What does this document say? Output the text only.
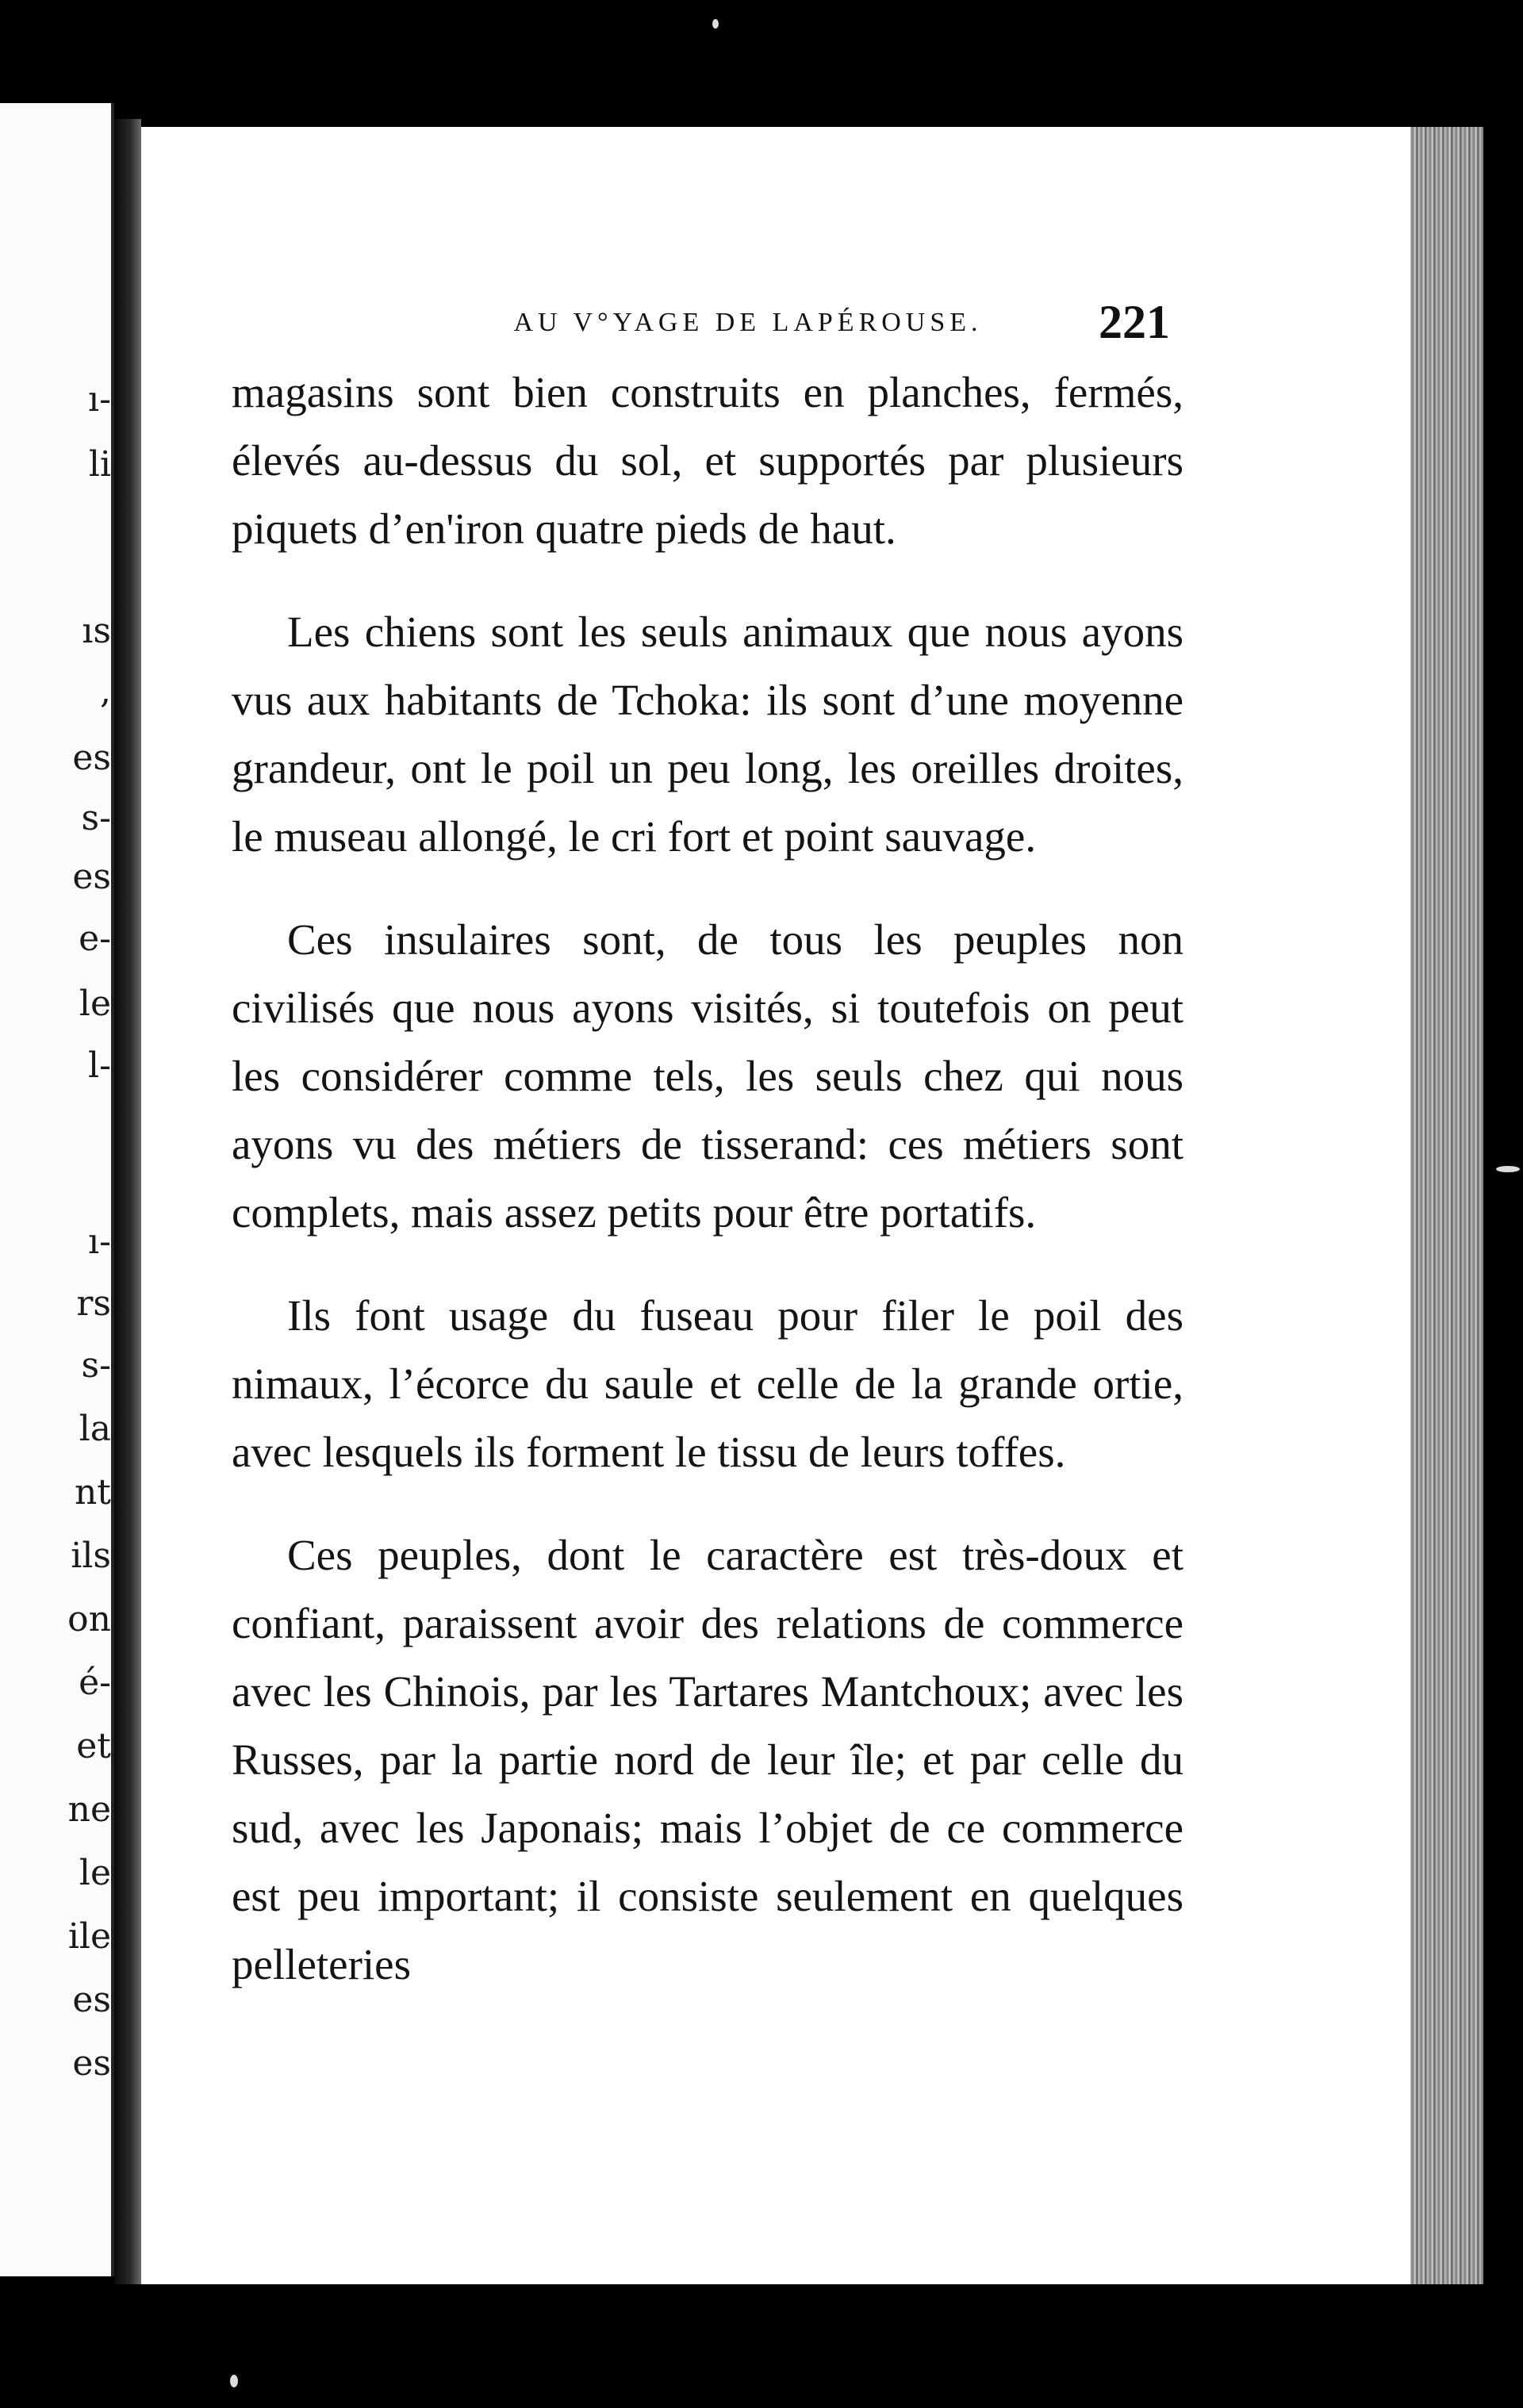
ı-
li
ıs
,
es
s-
es
e-
le
l-
ı-
rs
s-
la
nt
ils
on
é-
et
ne
le
ile
es
es
AU V°YAGE DE LAPÉROUSE.	221

magasins sont bien construits en planches, fermés, élevés au-dessus du sol, et supportés par plusieurs piquets d’en'iron quatre pieds de haut.

Les chiens sont les seuls animaux que nous ayons vus aux habitants de Tchoka: ils sont d’une moyenne grandeur, ont le poil un peu long, les oreilles droites, le museau allongé, le cri fort et point sauvage.

Ces insulaires sont, de tous les peuples non civilisés que nous ayons visités, si toutefois on peut les considérer comme tels, les seuls chez qui nous ayons vu des métiers de tisserand: ces métiers sont complets, mais assez petits pour être portatifs.

Ils font usage du fuseau pour filer le poil des nimaux, l’écorce du saule et celle de la grande ortie, avec lesquels ils forment le tissu de leurs toffes.

Ces peuples, dont le caractère est très-doux et confiant, paraissent avoir des relations de commerce avec les Chinois, par les Tartares Mantchoux; avec les Russes, par la partie nord de leur île; et par celle du sud, avec les Japonais; mais l’objet de ce commerce est peu important; il consiste seulement en quelques pelleteries
